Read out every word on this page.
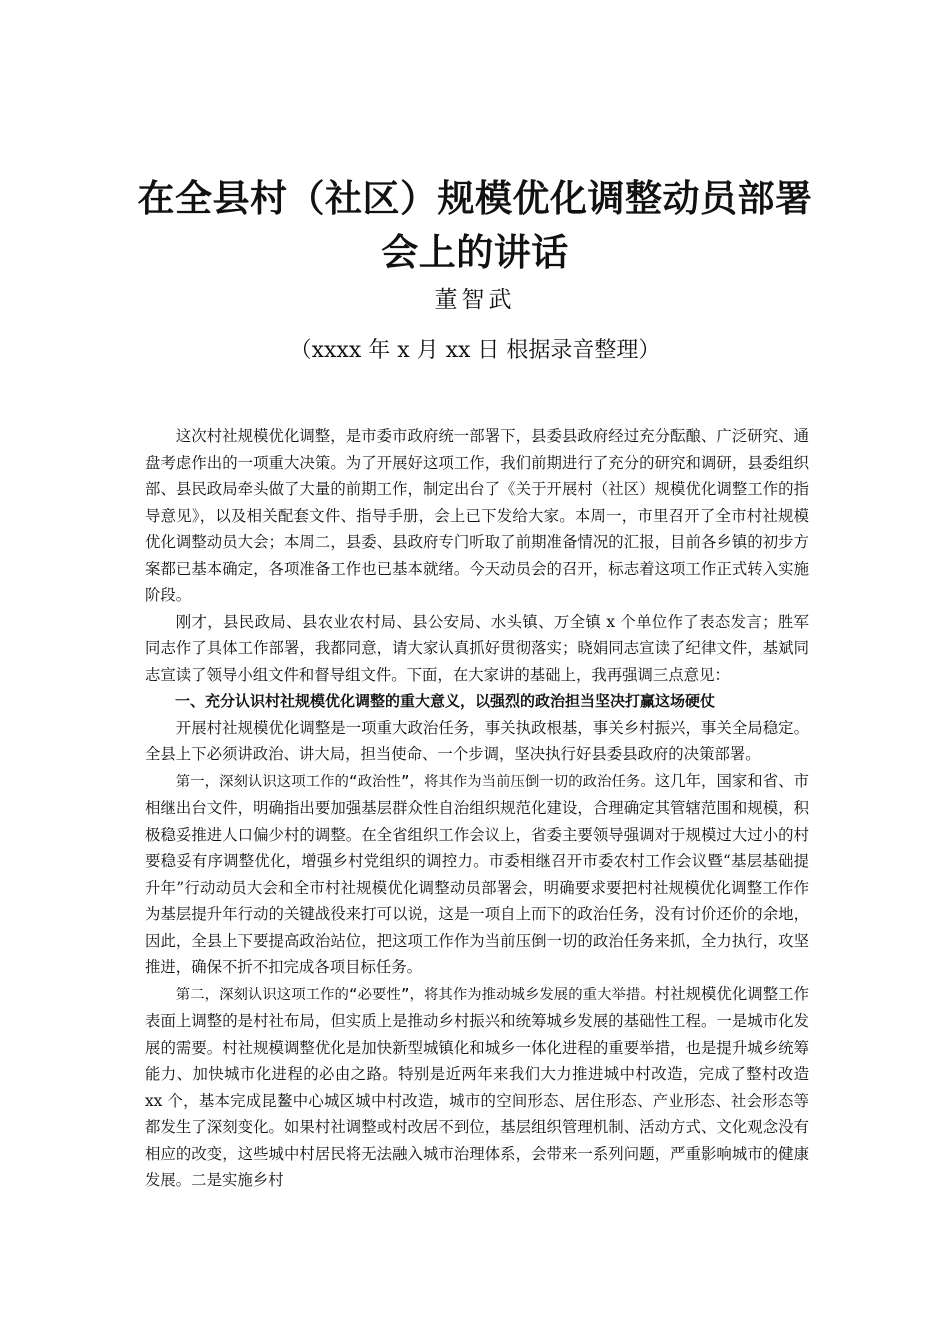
在全县村（社区）规模优化调整动员部署会上的讲话
董智武
（xxxx 年 x 月 xx 日 根据录音整理）

这次村社规模优化调整，是市委市政府统一部署下，县委县政府经过充分酝酿、广泛研究、通盘考虑作出的一项重大决策。为了开展好这项工作，我们前期进行了充分的研究和调研，县委组织部、县民政局牵头做了大量的前期工作，制定出台了《关于开展村（社区）规模优化调整工作的指导意见》，以及相关配套文件、指导手册，会上已下发给大家。本周一，市里召开了全市村社规模优化调整动员大会；本周二，县委、县政府专门听取了前期准备情况的汇报，目前各乡镇的初步方案都已基本确定，各项准备工作也已基本就绪。今天动员会的召开，标志着这项工作正式转入实施阶段。

刚才，县民政局、县农业农村局、县公安局、水头镇、万全镇 x 个单位作了表态发言；胜军同志作了具体工作部署，我都同意，请大家认真抓好贯彻落实；晓娟同志宣读了纪律文件，基斌同志宣读了领导小组文件和督导组文件。下面，在大家讲的基础上，我再强调三点意见：

一、充分认识村社规模优化调整的重大意义，以强烈的政治担当坚决打赢这场硬仗

开展村社规模优化调整是一项重大政治任务，事关执政根基，事关乡村振兴，事关全局稳定。全县上下必须讲政治、讲大局，担当使命、一个步调，坚决执行好县委县政府的决策部署。

第一，深刻认识这项工作的“政治性”，将其作为当前压倒一切的政治任务。这几年，国家和省、市相继出台文件，明确指出要加强基层群众性自治组织规范化建设，合理确定其管辖范围和规模，积极稳妥推进人口偏少村的调整。在全省组织工作会议上，省委主要领导强调对于规模过大过小的村要稳妥有序调整优化，增强乡村党组织的调控力。市委相继召开市委农村工作会议暨“基层基础提升年”行动动员大会和全市村社规模优化调整动员部署会，明确要求要把村社规模优化调整工作作为基层提升年行动的关键战役来打可以说，这是一项自上而下的政治任务，没有讨价还价的余地，因此，全县上下要提高政治站位，把这项工作作为当前压倒一切的政治任务来抓，全力执行，攻坚推进，确保不折不扣完成各项目标任务。

第二，深刻认识这项工作的“必要性”，将其作为推动城乡发展的重大举措。村社规模优化调整工作表面上调整的是村社布局，但实质上是推动乡村振兴和统筹城乡发展的基础性工程。一是城市化发展的需要。村社规模调整优化是加快新型城镇化和城乡一体化进程的重要举措，也是提升城乡统筹能力、加快城市化进程的必由之路。特别是近两年来我们大力推进城中村改造，完成了整村改造 xx 个，基本完成昆鳌中心城区城中村改造，城市的空间形态、居住形态、产业形态、社会形态等都发生了深刻变化。如果村社调整或村改居不到位，基层组织管理机制、活动方式、文化观念没有相应的改变，这些城中村居民将无法融入城市治理体系，会带来一系列问题，严重影响城市的健康发展。二是实施乡村
